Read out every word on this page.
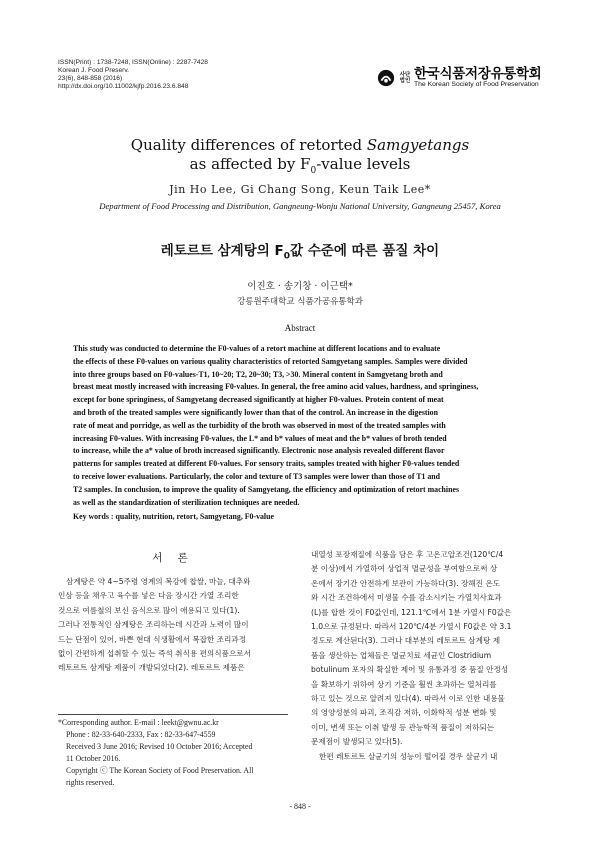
ISSN(Print) : 1738-7248, ISSN(Online) : 2287-7428
Korean J. Food Preserv.
23(6), 848-858 (2016)
http://dx.doi.org/10.11002/kjfp.2016.23.6.848
사단법인 한국식품저장유통학회
The Korean Society of Food Preservation
Quality differences of retorted Samgyetangs
as affected by $F_0$-value levels
Jin Ho Lee, Gi Chang Song, Keun Taik Lee*
Department of Food Processing and Distribution, Gangneung-Wonju National University, Gangneung 25457, Korea
레토르트 삼계탕의 $F_0$값 수준에 따른 품질 차이
이진호 · 송기창 · 이근택*
강릉원주대학교 식품가공유통학과
Abstract

This study was conducted to determine the F0-values of a retort machine at different locations and to evaluate

the effects of these F0-values on various quality characteristics of retorted Samgyetang samples. Samples were divided

into three groups based on F0-values-T1, 10~20; T2, 20~30; T3, >30. Mineral content in Samgyetang broth and

breast meat mostly increased with increasing F0-values. In general, the free amino acid values, hardness, and springiness,

except for bone springiness, of Samgyetang decreased significantly at higher F0-values. Protein content of meat

and broth of the treated samples were significantly lower than that of the control. An increase in the digestion

rate of meat and porridge, as well as the turbidity of the broth was observed in most of the treated samples with

increasing F0-values. With increasing F0-values, the L* and b* values of meat and the b* values of broth tended

to increase, while the a* value of broth increased significantly. Electronic nose analysis revealed different flavor

patterns for samples treated at different F0-values. For sensory traits, samples treated with higher F0-values tended

to receive lower evaluations. Particularly, the color and texture of T3 samples were lower than those of T1 and

T2 samples. In conclusion, to improve the quality of Samgyetang, the efficiency and optimization of retort machines

as well as the standardization of sterilization techniques are needed.

Key words : quality, nutrition, retort, Samgyetang, F0-value
서 론

삼계탕은 약 4~5주령 영계의 복강에 찹쌀, 마늘, 대추와

인삼 등을 채우고 육수를 넣은 다음 장시간 가열 조리한

것으로 여름철의 보신 음식으로 많이 애용되고 있다(1).

그러나 전통적인 삼계탕은 조리하는데 시간과 노력이 많이

드는 단점이 있어, 바쁜 현대 식생활에서 복잡한 조리과정

없이 간편하게 섭취할 수 있는 즉석 취식용 편의식품으로서

레토르트 삼계탕 제품이 개발되었다(2). 레토르트 제품은

내열성 포장재질에 식품을 담은 후 고온고압조건(120℃/4

분 이상)에서 가열하여 상업적 멸균성을 부여함으로써 상

온에서 장기간 안전하게 보관이 가능하다(3). 장해진 온도

와 시간 조건하에서 미생물 수를 감소시키는 가열치사효과

(L)를 합한 것이 F0값인데, 121.1℃에서 1분 가열시 F0값은

1.0으로 규정된다. 따라서 120℃/4분 가열시 F0값은 약 3.1

정도로 계산된다(3). 그러나 대부분의 레토르트 삼계탕 제

품을 생산하는 업체들은 멸균치료 세균인 Clostridium

botulinum 포자의 확실한 제어 및 유통과정 중 품질 안정성

을 확보하기 위하여 상기 기준을 훨씬 초과하는 열처리를

하고 있는 것으로 알려져 있다(4). 따라서 이로 인한 내용물

의 영양성분의 파괴, 조직감 저하, 이화학적 성분 변화 및

이미, 변색 또는 이취 발생 등 관능학적 품질이 저하되는

문제점이 발생되고 있다(5).

한편 레토르트 살균기의 성능이 떨어질 경우 살균기 내

*Corresponding author. E-mail : leekt@gwnu.ac.kr
Phone : 82-33-640-2333, Fax : 82-33-647-4559
Received 3 June 2016; Revised 10 October 2016; Accepted
11 October 2016.
Copyright ⓒ The Korean Society of Food Preservation. All
rights reserved.
- 848 -
